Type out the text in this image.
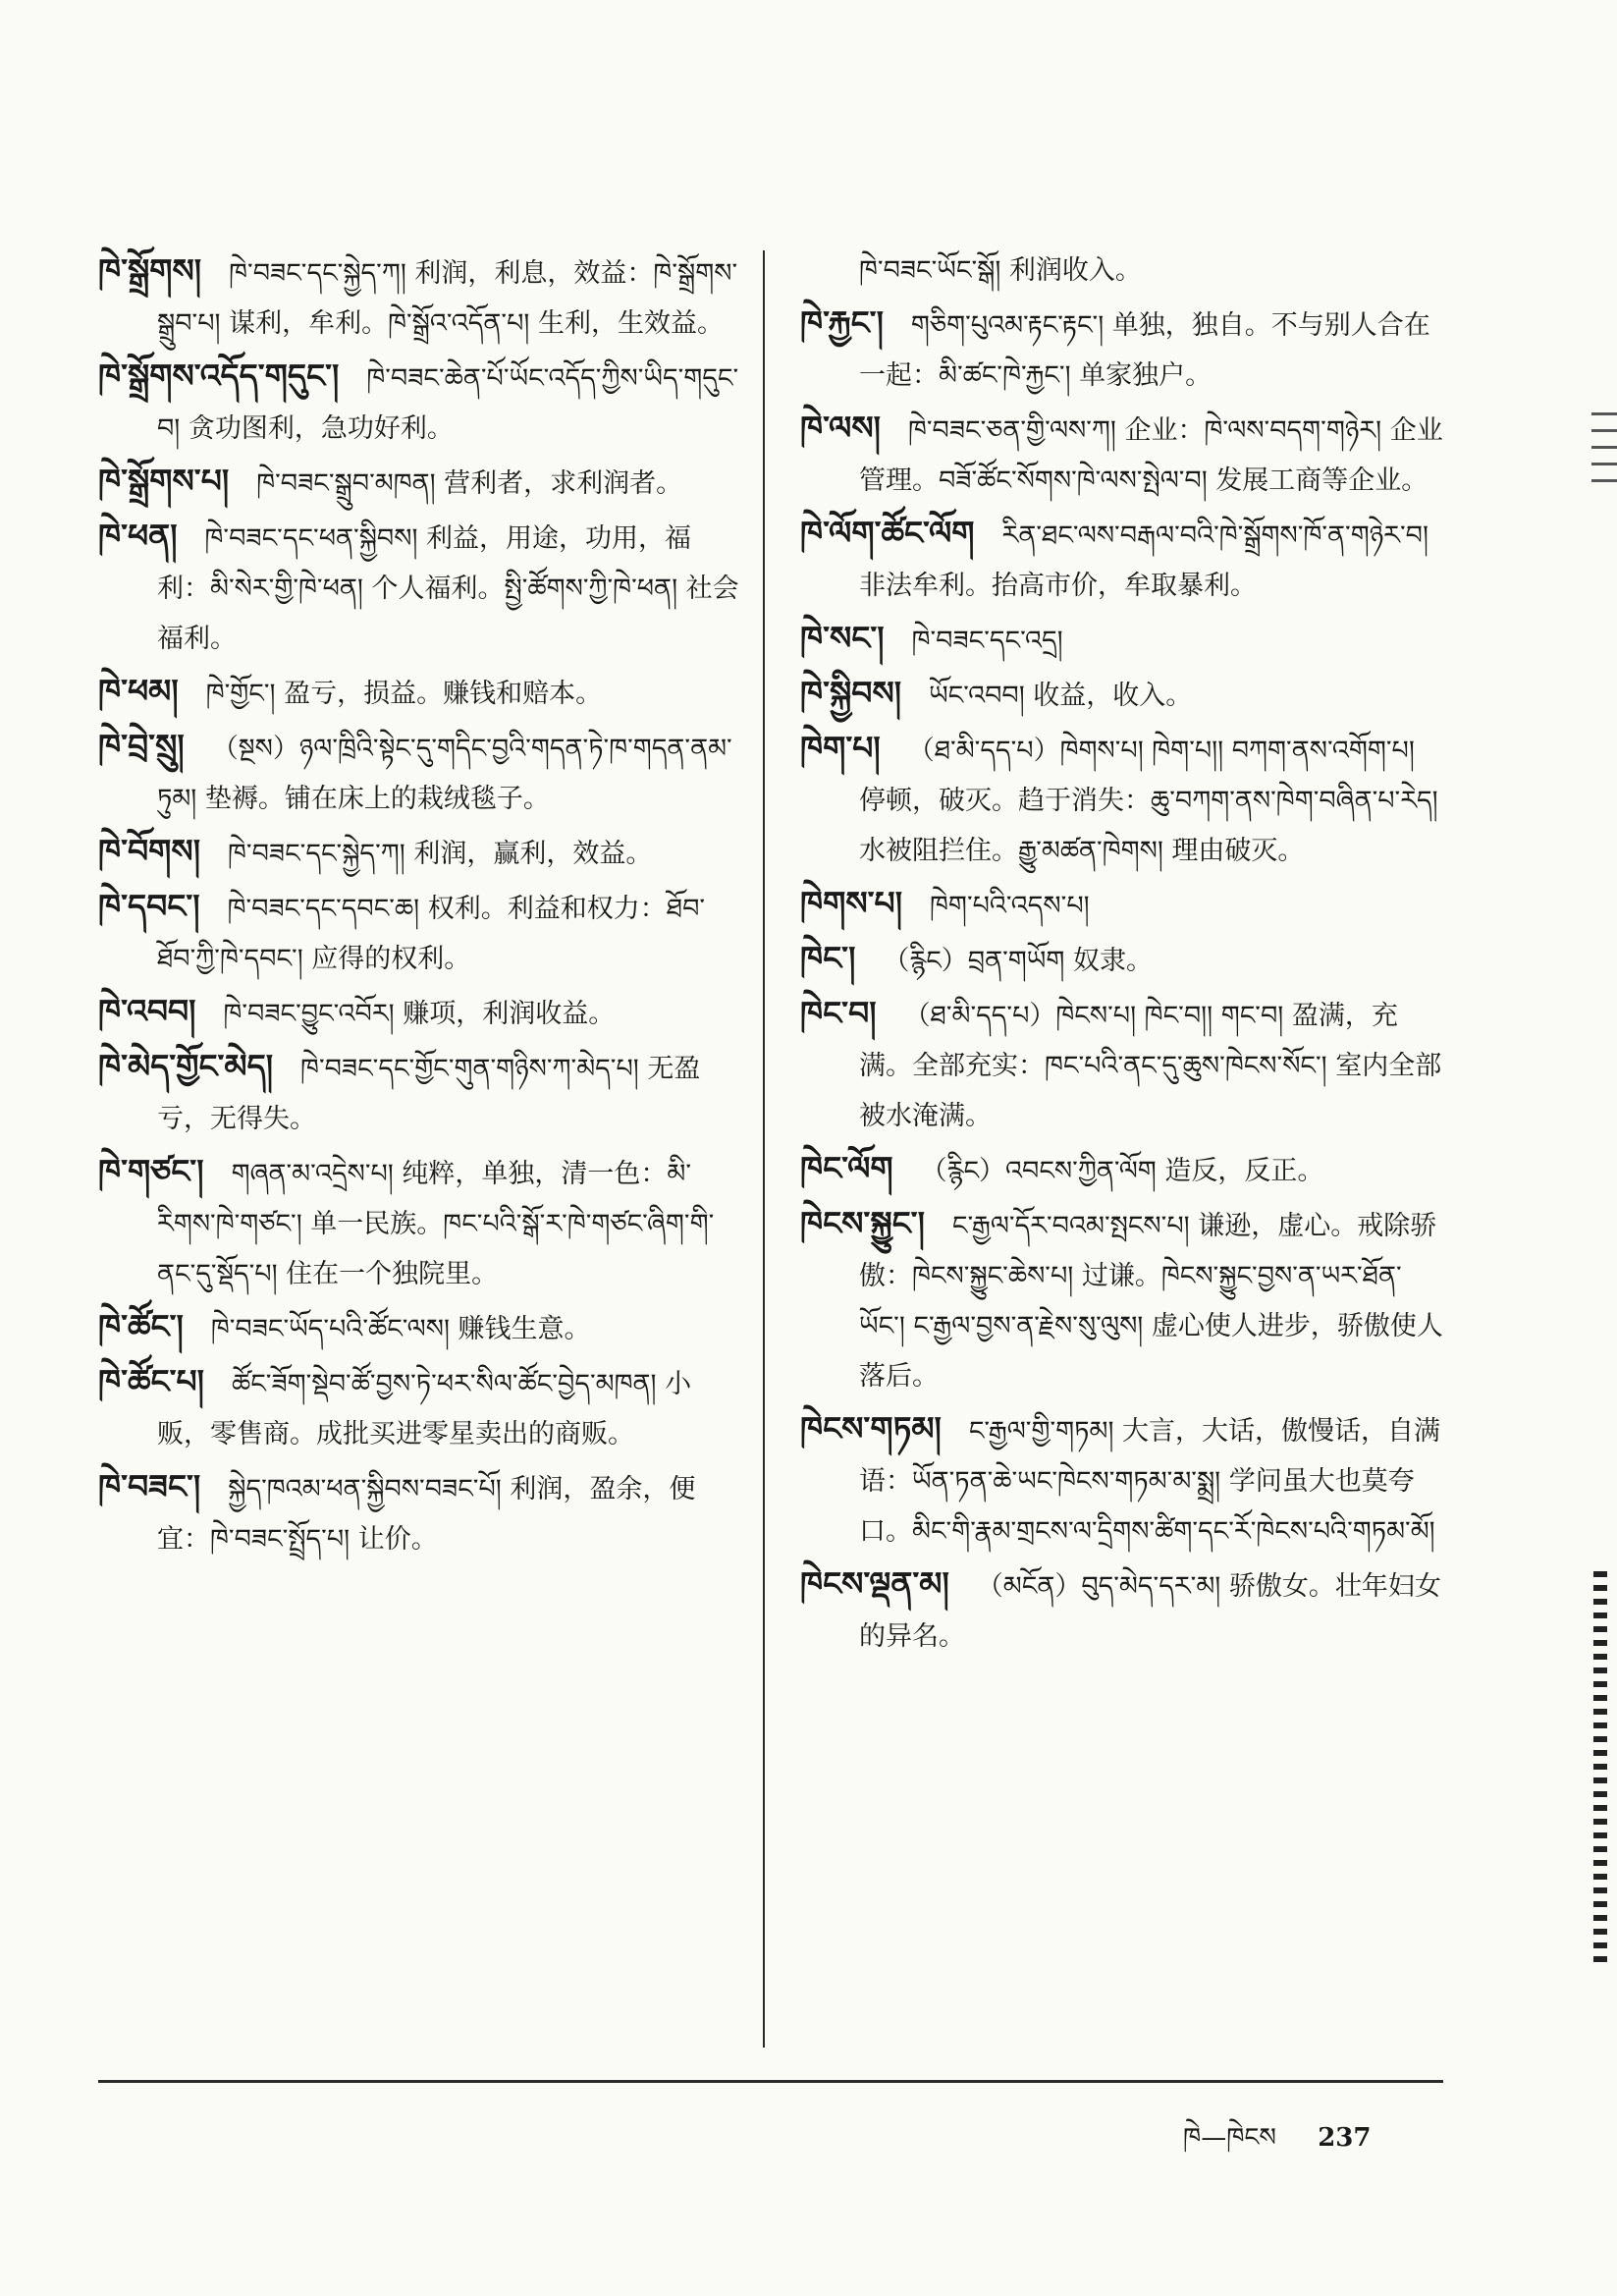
ཁེ་སྒྲོགས། ཁེ་བཟང་དང་སྐྱེད་ཀ། 利润，利息，效益：ཁེ་སྒྲོགས་སྒྲུབ་པ། 谋利，牟利。ཁེ་སྒྲོའ་འདོན་པ། 生利，生效益。

ཁེ་སྒྲོགས་འདོད་གདུང་། ཁེ་བཟང་ཆེན་པོ་ཡོང་འདོད་ཀྱིས་ཡིད་གདུང་བ། 贪功图利，急功好利。

ཁེ་སྒྲོགས་པ། ཁེ་བཟང་སྒྲུབ་མཁན། 营利者，求利润者。

ཁེ་ཕན། ཁེ་བཟང་དང་ཕན་སྐྱིབས། 利益，用途，功用，福利：མི་སེར་གྱི་ཁེ་ཕན། 个人福利。སྤྱི་ཚོགས་ཀྱི་ཁེ་ཕན། 社会福利。

ཁེ་ཕམ། ཁེ་གྱོང་། 盈亏，损益。赚钱和赔本。

ཁེ་བྲེ་སྲུ། （སྔས）ཉལ་ཁྲིའི་སྟེང་དུ་གདིང་བྱའི་གདན་ཏེ་ཁ་གདན་ནམ་ཏུམ། 垫褥。铺在床上的栽绒毯子。

ཁེ་བོགས། ཁེ་བཟང་དང་སྐྱེད་ཀ། 利润，赢利，效益。

ཁེ་དབང་། ཁེ་བཟང་དང་དབང་ཆ། 权利。利益和权力：ཐོབ་ཐོབ་ཀྱི་ཁེ་དབང་། 应得的权利。

ཁེ་འབབ། ཁེ་བཟང་བྱུང་འབོར། 赚项，利润收益。

ཁེ་མེད་གྱོང་མེད། ཁེ་བཟང་དང་གྱོང་གུན་གཉིས་ཀ་མེད་པ། 无盈亏，无得失。

ཁེ་གཙང་། གཞན་མ་འདྲེས་པ། 纯粹，单独，清一色：མི་རིགས་ཁེ་གཙང་། 单一民族。ཁང་པའི་སྒོ་ར་ཁེ་གཙང་ཞིག་གི་ནང་དུ་སྡོད་པ། 住在一个独院里。

ཁེ་ཚོང་། ཁེ་བཟང་ཡོད་པའི་ཚོང་ལས། 赚钱生意。

ཁེ་ཚོང་པ། ཚོང་ཟོག་སྡེབ་ཚོ་བྱས་ཏེ་ཕར་སིལ་ཚོང་བྱེད་མཁན། 小贩，零售商。成批买进零星卖出的商贩。

ཁེ་བཟང་། སྐྱེད་ཁའམ་ཕན་སྐྱིབས་བཟང་པོ། 利润，盈余，便宜：ཁེ་བཟང་སྤྲོད་པ། 让价。

ཁེ་བཟང་ཡོང་སྒོ། 利润收入。

ཁེ་རྐྱང་། གཅིག་པུའམ་རྟང་རྟང་། 单独，独自。不与别人合在一起：མི་ཚང་ཁེ་རྐྱང་། 单家独户。

ཁེ་ལས། ཁེ་བཟང་ཅན་གྱི་ལས་ཀ། 企业：ཁེ་ལས་བདག་གཉེར། 企业管理。བཟོ་ཚོང་སོགས་ཁེ་ལས་སྤེལ་བ། 发展工商等企业。

ཁེ་ལོག་ཚོང་ལོག རིན་ཐང་ལས་བརྒལ་བའི་ཁེ་སྒྲོགས་ཁོ་ན་གཉེར་བ། 非法牟利。抬高市价，牟取暴利。

ཁེ་སང་། ཁེ་བཟང་དང་འདྲ།

ཁེ་སྐྱིབས། ཡོང་འབབ། 收益，收入。

ཁེག་པ། （ཐ་མི་དད་པ）ཁེགས་པ། ཁེག་པ།། བཀག་ནས་འགོག་པ། 停顿，破灭。趋于消失：ཆུ་བཀག་ནས་ཁེག་བཞིན་པ་རེད། 水被阻拦住。རྒྱུ་མཚན་ཁེགས། 理由破灭。

ཁེགས་པ། ཁེག་པའི་འདས་པ།

ཁེང་། （རྙིང）བྲན་གཡོག 奴隶。

ཁེང་བ། （ཐ་མི་དད་པ）ཁེངས་པ། ཁེང་བ།། གང་བ། 盈满，充满。全部充实：ཁང་པའི་ནང་དུ་ཆུས་ཁེངས་སོང་། 室内全部被水淹满。

ཁེང་ལོག （རྙིང）འབངས་ཀྱིན་ལོག 造反，反正。

ཁེངས་སྐྱུང་། ང་རྒྱལ་དོར་བའམ་སྤངས་པ། 谦逊，虚心。戒除骄傲：ཁེངས་སྐྱུང་ཆེས་པ། 过谦。ཁེངས་སྐྱུང་བྱས་ན་ཡར་ཐོན་ཡོང་། ང་རྒྱལ་བྱས་ན་རྗེས་སུ་ལུས། 虚心使人进步，骄傲使人落后。

ཁེངས་གཏམ། ང་རྒྱལ་གྱི་གཏམ། 大言，大话，傲慢话，自满语：ཡོན་ཏན་ཆེ་ཡང་ཁེངས་གཏམ་མ་སྨྲ། 学问虽大也莫夸口。མིང་གི་རྣམ་གྲངས་ལ་དྲིགས་ཚིག་དང་རོ་ཁེངས་པའི་གཏམ་མོ།

ཁེངས་ལྡན་མ། （མངོན）བུད་མེད་དར་མ། 骄傲女。壮年妇女的异名。

ཁེ—ཁེངས 237
